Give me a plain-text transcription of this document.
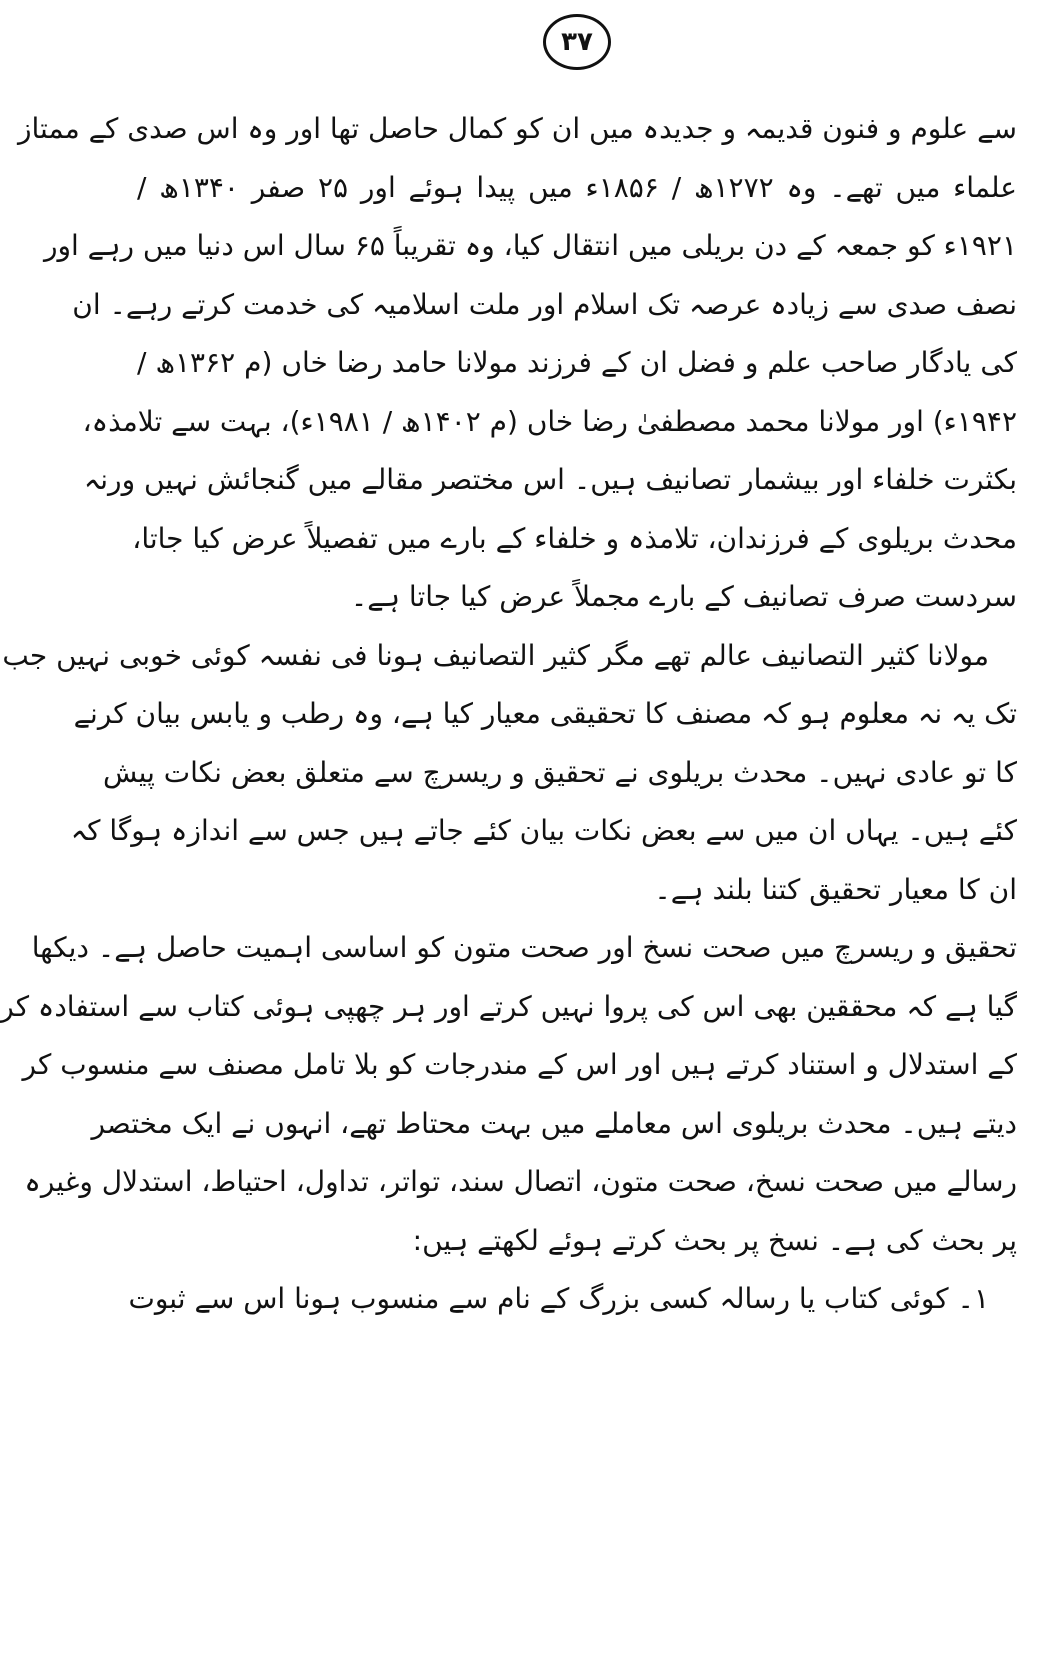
۳۷
سے علوم و فنون قدیمہ و جدیدہ میں ان کو کمال حاصل تھا اور وہ اس صدی کے ممتاز
علماء میں تھے۔ وہ ۱۲۷۲ھ / ۱۸۵۶ء میں پیدا ہوئے اور ۲۵ صفر ۱۳۴۰ھ /
۱۹۲۱ء کو جمعہ کے دن بریلی میں انتقال کیا، وہ تقریباً ۶۵ سال اس دنیا میں رہے اور
نصف صدی سے زیادہ عرصہ تک اسلام اور ملت اسلامیہ کی خدمت کرتے رہے۔ ان
کی یادگار صاحب علم و فضل ان کے فرزند مولانا حامد رضا خاں (م ۱۳۶۲ھ /
۱۹۴۲ء) اور مولانا محمد مصطفیٰ رضا خاں (م ۱۴۰۲ھ / ۱۹۸۱ء)، بہت سے تلامذہ،
بکثرت خلفاء اور بیشمار تصانیف ہیں۔ اس مختصر مقالے میں گنجائش نہیں ورنہ
محدث بریلوی کے فرزندان، تلامذہ و خلفاء کے بارے میں تفصیلاً عرض کیا جاتا،
سردست صرف تصانیف کے بارے مجملاً عرض کیا جاتا ہے۔
مولانا کثیر التصانیف عالم تھے مگر کثیر التصانیف ہونا فی نفسہ کوئی خوبی نہیں جب
تک یہ نہ معلوم ہو کہ مصنف کا تحقیقی معیار کیا ہے، وہ رطب و یابس بیان کرنے
کا تو عادی نہیں۔ محدث بریلوی نے تحقیق و ریسرچ سے متعلق بعض نکات پیش
کئے ہیں۔ یہاں ان میں سے بعض نکات بیان کئے جاتے ہیں جس سے اندازہ ہوگا کہ
ان کا معیار تحقیق کتنا بلند ہے۔
تحقیق و ریسرچ میں صحت نسخ اور صحت متون کو اساسی اہمیت حاصل ہے۔ دیکھا
گیا ہے کہ محققین بھی اس کی پروا نہیں کرتے اور ہر چھپی ہوئی کتاب سے استفادہ کر
کے استدلال و استناد کرتے ہیں اور اس کے مندرجات کو بلا تامل مصنف سے منسوب کر
دیتے ہیں۔ محدث بریلوی اس معاملے میں بہت محتاط تھے، انہوں نے ایک مختصر
رسالے میں صحت نسخ، صحت متون، اتصال سند، تواتر، تداول، احتیاط، استدلال وغیرہ
پر بحث کی ہے۔ نسخ پر بحث کرتے ہوئے لکھتے ہیں:
۱۔ کوئی کتاب یا رسالہ کسی بزرگ کے نام سے منسوب ہونا اس سے ثبوت
